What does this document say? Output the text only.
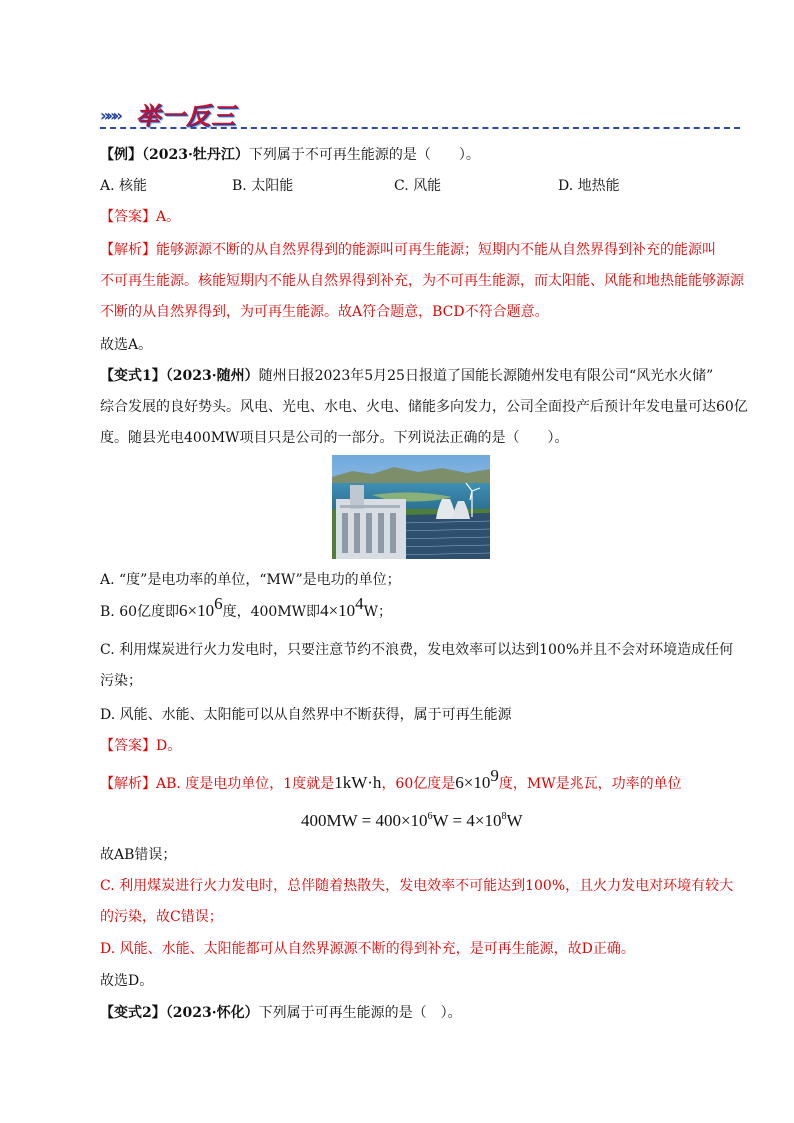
»»» 举一反三
【例】（2023·牡丹江）下列属于不可再生能源的是（　　）。
A. 核能	B. 太阳能	C. 风能	D. 地热能
【答案】A。
【解析】能够源源不断的从自然界得到的能源叫可再生能源；短期内不能从自然界得到补充的能源叫
不可再生能源。核能短期内不能从自然界得到补充，为不可再生能源，而太阳能、风能和地热能能够源源
不断的从自然界得到，为可再生能源。故A符合题意，BCD不符合题意。
故选A。
【变式1】（2023·随州）随州日报2023年5月25日报道了国能长源随州发电有限公司“风光水火储”
综合发展的良好势头。风电、光电、水电、火电、储能多向发力，公司全面投产后预计年发电量可达60亿
度。随县光电400MW项目只是公司的一部分。下列说法正确的是（　　）。
A. “度”是电功率的单位，“MW”是电功的单位；
B. 60亿度即$6\times 10^6$度，400MW即$4\times 10^4W$；
C. 利用煤炭进行火力发电时，只要注意节约不浪费，发电效率可以达到100%并且不会对环境造成任何
污染；
D. 风能、水能、太阳能可以从自然界中不断获得，属于可再生能源
【答案】D。
【解析】AB. 度是电功单位，1度就是1kW·h，60亿度是$6\times 10^9$度，MW是兆瓦，功率的单位
$400MW = 400\times 10^6W = 4\times 10^8W$
故AB错误；
C. 利用煤炭进行火力发电时，总伴随着热散失，发电效率不可能达到100%，且火力发电对环境有较大
的污染，故C错误；
D. 风能、水能、太阳能都可从自然界源源不断的得到补充，是可再生能源，故D正确。
故选D。
【变式2】（2023·怀化）下列属于可再生能源的是（　）。
